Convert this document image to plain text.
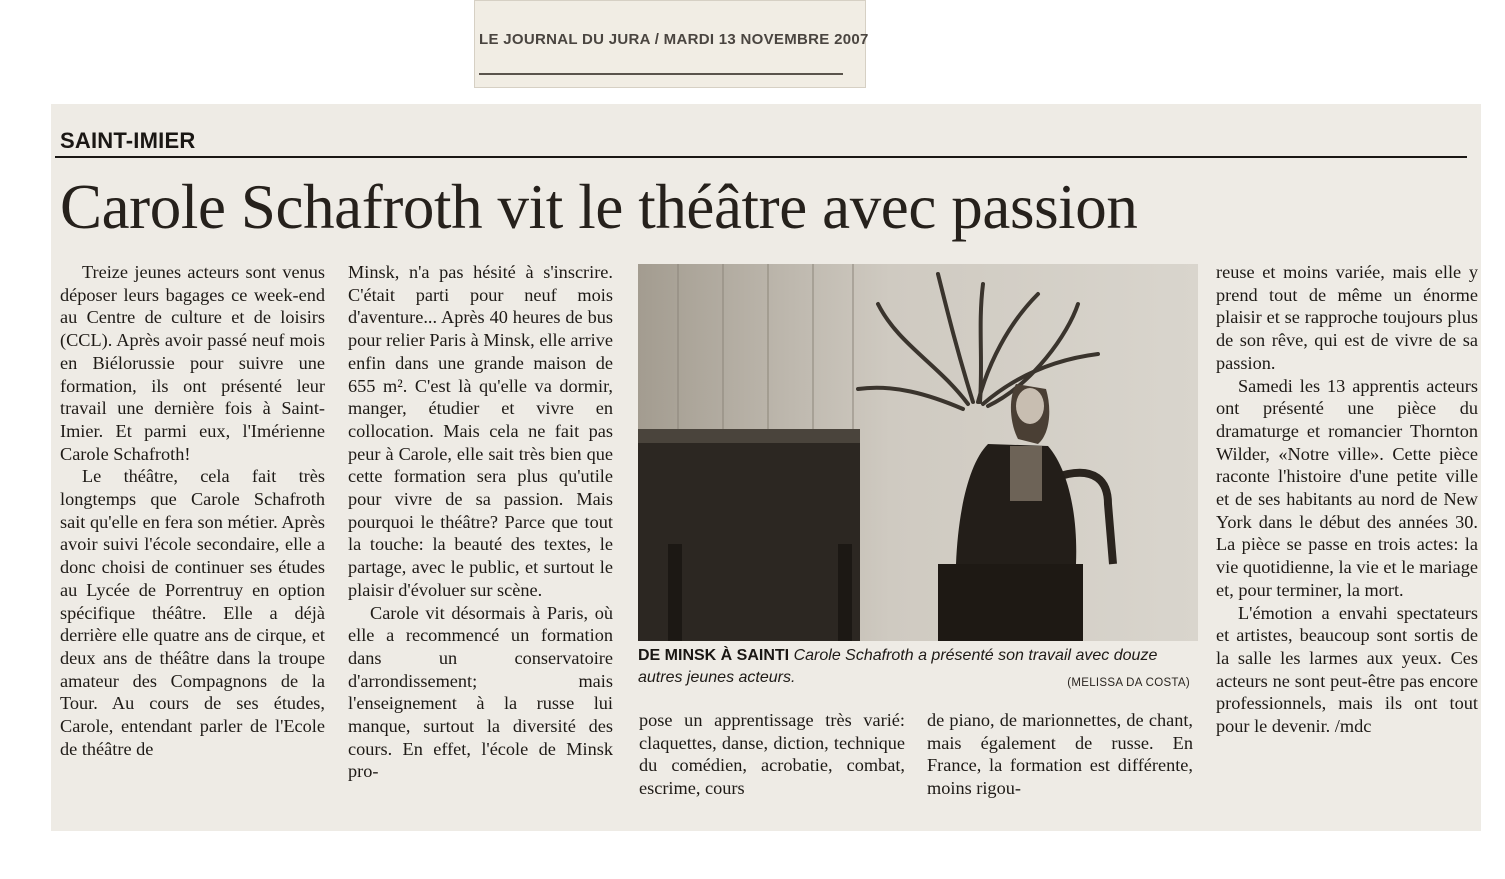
LE JOURNAL DU JURA / MARDI 13 NOVEMBRE 2007
SAINT-IMIER
Carole Schafroth vit le théâtre avec passion

Treize jeunes acteurs sont venus déposer leurs bagages ce week-end au Centre de culture et de loisirs (CCL). Après avoir passé neuf mois en Biélorussie pour suivre une formation, ils ont présenté leur travail une dernière fois à Saint-Imier. Et parmi eux, l'Imérienne Carole Schafroth!

Le théâtre, cela fait très longtemps que Carole Schafroth sait qu'elle en fera son métier. Après avoir suivi l'école secondaire, elle a donc choisi de continuer ses études au Lycée de Porrentruy en option spécifique théâtre. Elle a déjà derrière elle quatre ans de cirque, et deux ans de théâtre dans la troupe amateur des Compagnons de la Tour. Au cours de ses études, Carole, entendant parler de l'Ecole de théâtre de

Minsk, n'a pas hésité à s'inscrire. C'était parti pour neuf mois d'aventure... Après 40 heures de bus pour relier Paris à Minsk, elle arrive enfin dans une grande maison de 655 m². C'est là qu'elle va dormir, manger, étudier et vivre en collocation. Mais cela ne fait pas peur à Carole, elle sait très bien que cette formation sera plus qu'utile pour vivre de sa passion. Mais pourquoi le théâtre? Parce que tout la touche: la beauté des textes, le partage, avec le public, et surtout le plaisir d'évoluer sur scène.

Carole vit désormais à Paris, où elle a recommencé un formation dans un conservatoire d'arrondissement; mais l'enseignement à la russe lui manque, surtout la diversité des cours. En effet, l'école de Minsk pro-

DE MINSK À SAINTI Carole Schafroth a présenté son travail avec douze autres jeunes acteurs.	(MELISSA DA COSTA)

pose un apprentissage très varié: claquettes, danse, diction, technique du comédien, acrobatie, combat, escrime, cours

de piano, de marionnettes, de chant, mais également de russe. En France, la formation est différente, moins rigou-

reuse et moins variée, mais elle y prend tout de même un énorme plaisir et se rapproche toujours plus de son rêve, qui est de vivre de sa passion.

Samedi les 13 apprentis acteurs ont présenté une pièce du dramaturge et romancier Thornton Wilder, «Notre ville». Cette pièce raconte l'histoire d'une petite ville et de ses habitants au nord de New York dans le début des années 30. La pièce se passe en trois actes: la vie quotidienne, la vie et le mariage et, pour terminer, la mort.

L'émotion a envahi spectateurs et artistes, beaucoup sont sortis de la salle les larmes aux yeux. Ces acteurs ne sont peut-être pas encore professionnels, mais ils ont tout pour le devenir. /mdc
